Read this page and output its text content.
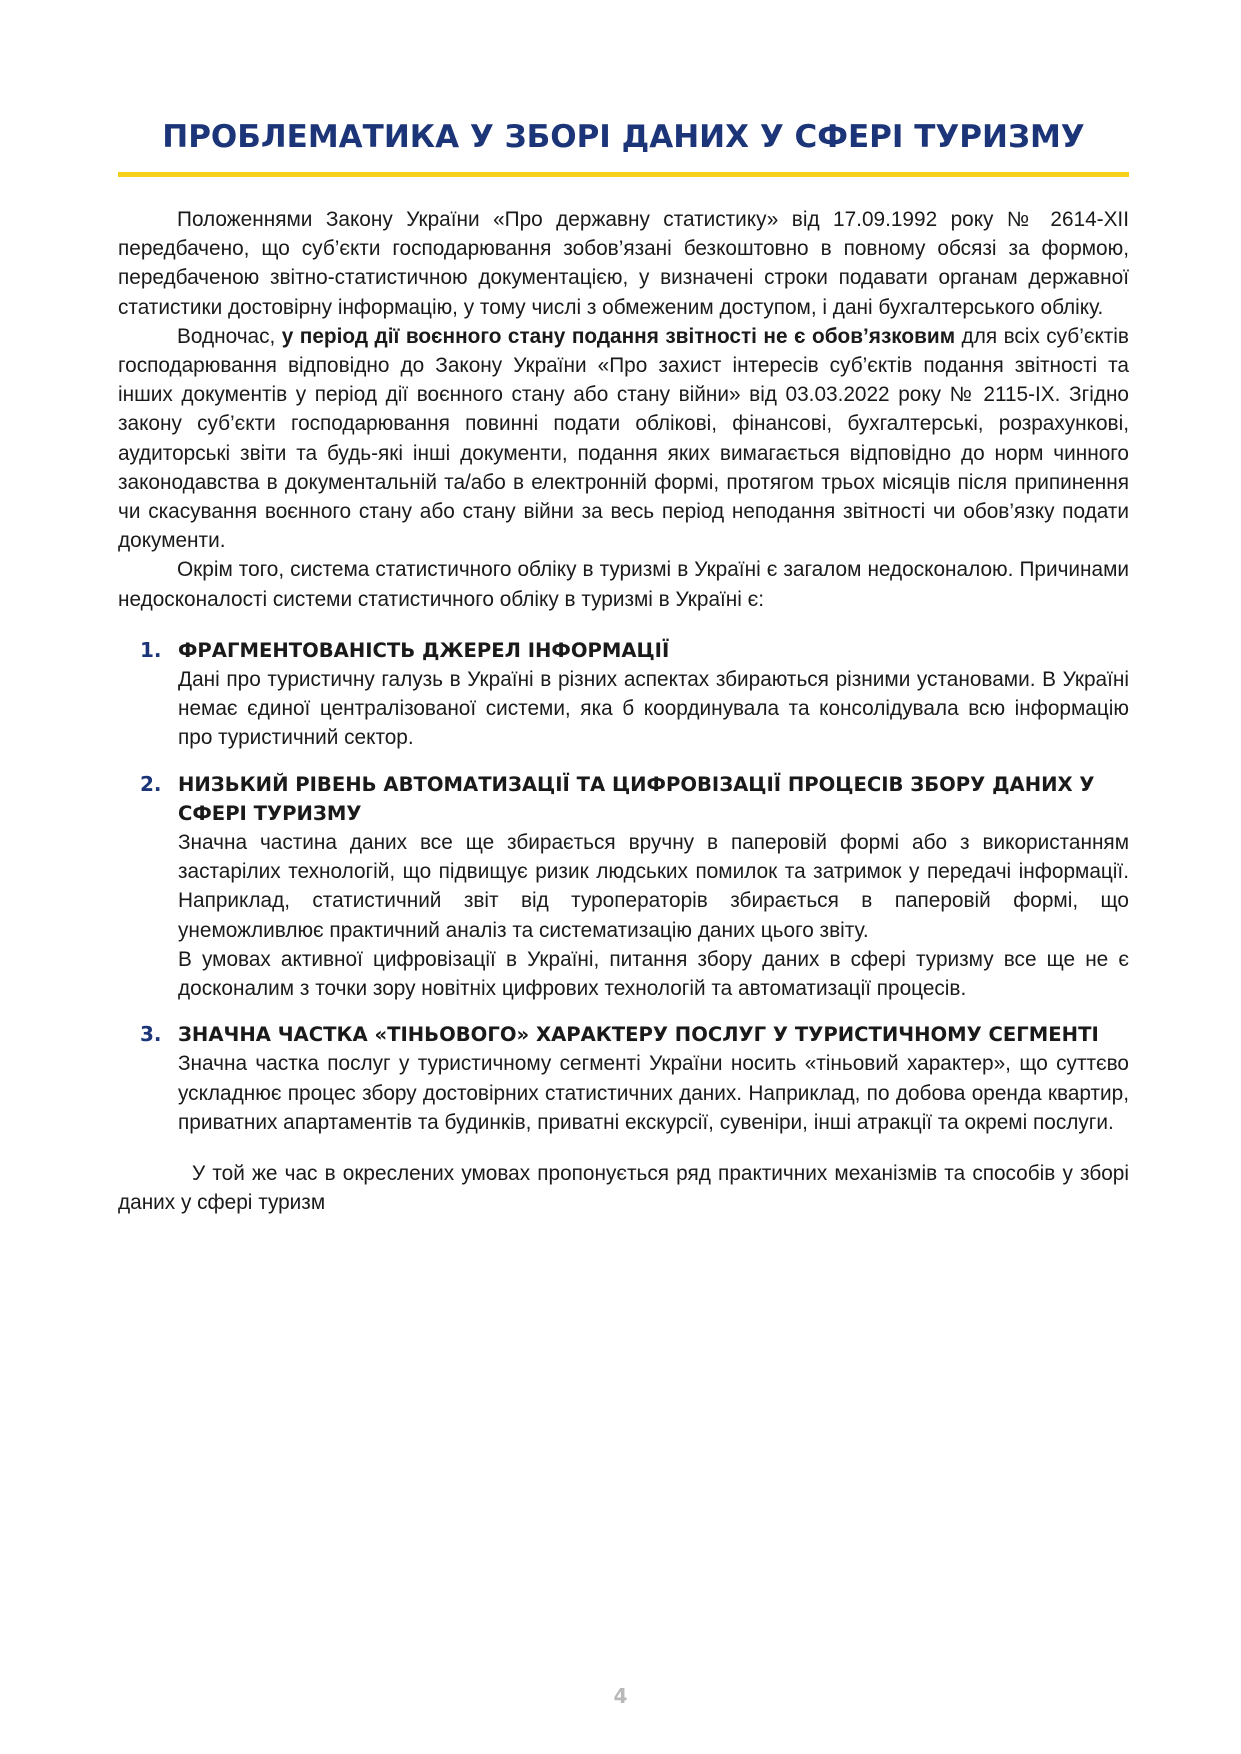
ПРОБЛЕМАТИКА У ЗБОРІ ДАНИХ У СФЕРІ ТУРИЗМУ

Положеннями Закону України «Про державну статистику» від 17.09.1992 року № 2614-XII передбачено, що суб’єкти господарювання зобов’язані безкоштовно в повному обсязі за формою, передбаченою звітно-статистичною документацією, у визначені строки подавати органам державної статистики достовірну інформацію, у тому числі з обмеженим доступом, і дані бухгалтерського обліку.

Водночас, у період дії воєнного стану подання звітності не є обов’язковим для всіх суб’єктів господарювання відповідно до Закону України «Про захист інтересів суб’єктів подання звітності та інших документів у період дії воєнного стану або стану війни» від 03.03.2022 року № 2115-IX. Згідно закону суб’єкти господарювання повинні подати облікові, фінансові, бухгалтерські, розрахункові, аудиторські звіти та будь-які інші документи, подання яких вимагається відповідно до норм чинного законодавства в документальній та/або в електронній формі, протягом трьох місяців після припинення чи скасування воєнного стану або стану війни за весь період неподання звітності чи обов’язку подати документи.

Окрім того, система статистичного обліку в туризмі в Україні є загалом недосконалою. Причинами недосконалості системи статистичного обліку в туризмі в Україні є:

1. ФРАГМЕНТОВАНІСТЬ ДЖЕРЕЛ ІНФОРМАЦІЇ

Дані про туристичну галузь в Україні в різних аспектах збираються різними установами. В Україні немає єдиної централізованої системи, яка б координувала та консолідувала всю інформацію про туристичний сектор.

2. НИЗЬКИЙ РІВЕНЬ АВТОМАТИЗАЦІЇ ТА ЦИФРОВІЗАЦІЇ ПРОЦЕСІВ ЗБОРУ ДАНИХ У СФЕРІ ТУРИЗМУ

Значна частина даних все ще збирається вручну в паперовій формі або з використанням застарілих технологій, що підвищує ризик людських помилок та затримок у передачі інформації. Наприклад, статистичний звіт від туроператорів збирається в паперовій формі, що унеможливлює практичний аналіз та систематизацію даних цього звіту.

В умовах активної цифровізації в Україні, питання збору даних в сфері туризму все ще не є досконалим з точки зору новітніх цифрових технологій та автоматизації процесів.

3. ЗНАЧНА ЧАСТКА «ТІНЬОВОГО» ХАРАКТЕРУ ПОСЛУГ У ТУРИСТИЧНОМУ СЕГМЕНТІ

Значна частка послуг у туристичному сегменті України носить «тіньовий характер», що суттєво ускладнює процес збору достовірних статистичних даних. Наприклад, по добова оренда квартир, приватних апартаментів та будинків, приватні екскурсії, сувеніри, інші атракції та окремі послуги.

У той же час в окреслених умовах пропонується ряд практичних механізмів та способів у зборі даних у сфері туризм

4
